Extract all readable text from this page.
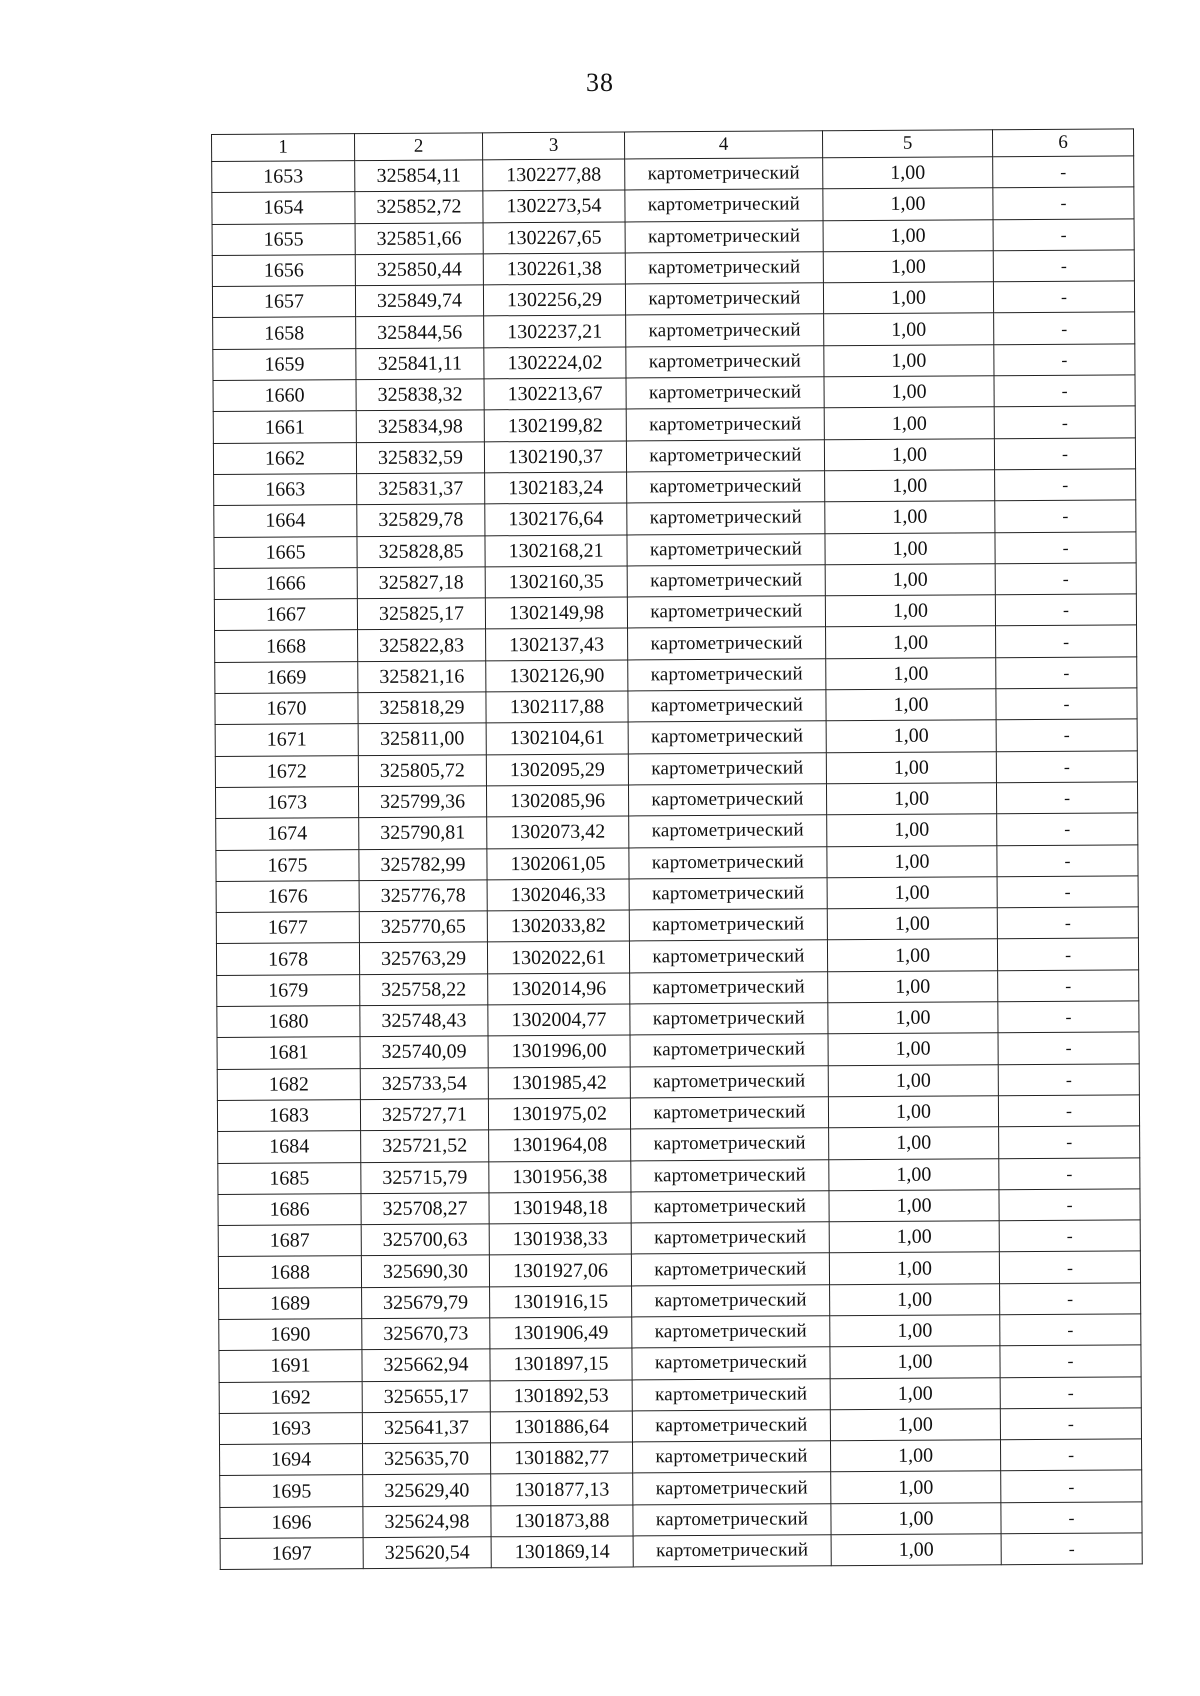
38
1	2	3	4	5	6
1653	325854,11	1302277,88	картометрический	1,00	-
1654	325852,72	1302273,54	картометрический	1,00	-
1655	325851,66	1302267,65	картометрический	1,00	-
1656	325850,44	1302261,38	картометрический	1,00	-
1657	325849,74	1302256,29	картометрический	1,00	-
1658	325844,56	1302237,21	картометрический	1,00	-
1659	325841,11	1302224,02	картометрический	1,00	-
1660	325838,32	1302213,67	картометрический	1,00	-
1661	325834,98	1302199,82	картометрический	1,00	-
1662	325832,59	1302190,37	картометрический	1,00	-
1663	325831,37	1302183,24	картометрический	1,00	-
1664	325829,78	1302176,64	картометрический	1,00	-
1665	325828,85	1302168,21	картометрический	1,00	-
1666	325827,18	1302160,35	картометрический	1,00	-
1667	325825,17	1302149,98	картометрический	1,00	-
1668	325822,83	1302137,43	картометрический	1,00	-
1669	325821,16	1302126,90	картометрический	1,00	-
1670	325818,29	1302117,88	картометрический	1,00	-
1671	325811,00	1302104,61	картометрический	1,00	-
1672	325805,72	1302095,29	картометрический	1,00	-
1673	325799,36	1302085,96	картометрический	1,00	-
1674	325790,81	1302073,42	картометрический	1,00	-
1675	325782,99	1302061,05	картометрический	1,00	-
1676	325776,78	1302046,33	картометрический	1,00	-
1677	325770,65	1302033,82	картометрический	1,00	-
1678	325763,29	1302022,61	картометрический	1,00	-
1679	325758,22	1302014,96	картометрический	1,00	-
1680	325748,43	1302004,77	картометрический	1,00	-
1681	325740,09	1301996,00	картометрический	1,00	-
1682	325733,54	1301985,42	картометрический	1,00	-
1683	325727,71	1301975,02	картометрический	1,00	-
1684	325721,52	1301964,08	картометрический	1,00	-
1685	325715,79	1301956,38	картометрический	1,00	-
1686	325708,27	1301948,18	картометрический	1,00	-
1687	325700,63	1301938,33	картометрический	1,00	-
1688	325690,30	1301927,06	картометрический	1,00	-
1689	325679,79	1301916,15	картометрический	1,00	-
1690	325670,73	1301906,49	картометрический	1,00	-
1691	325662,94	1301897,15	картометрический	1,00	-
1692	325655,17	1301892,53	картометрический	1,00	-
1693	325641,37	1301886,64	картометрический	1,00	-
1694	325635,70	1301882,77	картометрический	1,00	-
1695	325629,40	1301877,13	картометрический	1,00	-
1696	325624,98	1301873,88	картометрический	1,00	-
1697	325620,54	1301869,14	картометрический	1,00	-
